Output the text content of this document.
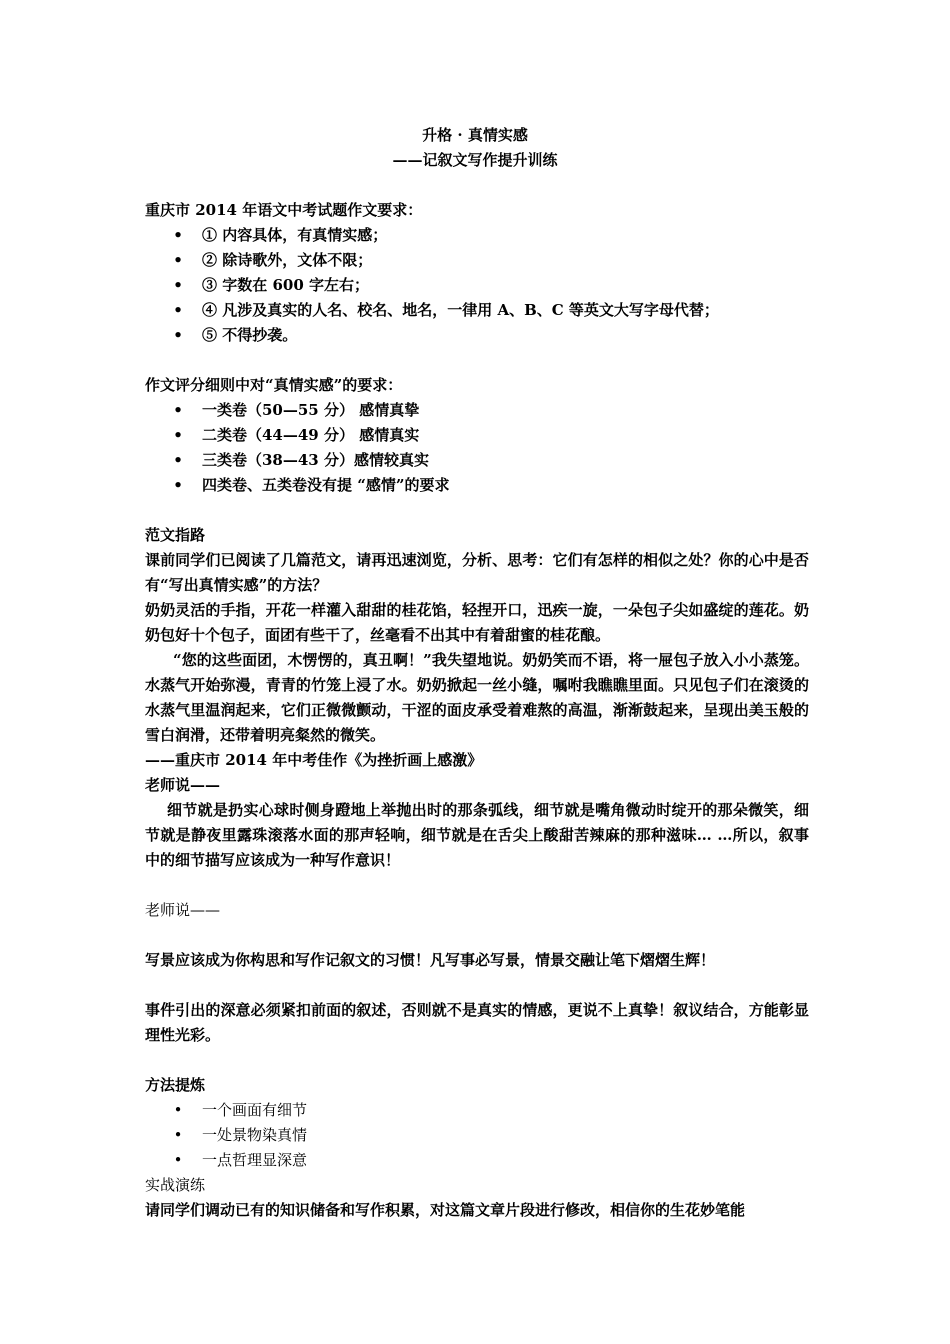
升格 · 真情实感
——记叙文写作提升训练
重庆市 2014 年语文中考试题作文要求：
• ① 内容具体，有真情实感；
• ② 除诗歌外，文体不限；
• ③ 字数在 600 字左右；
• ④ 凡涉及真实的人名、校名、地名，一律用 A、B、C 等英文大写字母代替；
• ⑤ 不得抄袭。
作文评分细则中对“真情实感”的要求：
• 一类卷（50—55 分） 感情真挚
• 二类卷（44—49 分） 感情真实
• 三类卷（38—43 分）感情较真实
• 四类卷、五类卷没有提 “感情”的要求
范文指路

课前同学们已阅读了几篇范文，请再迅速浏览，分析、思考：它们有怎样的相似之处？你的心中是否有“写出真情实感”的方法？

奶奶灵活的手指，开花一样灌入甜甜的桂花馅，轻捏开口，迅疾一旋，一朵包子尖如盛绽的莲花。奶奶包好十个包子，面团有些干了，丝毫看不出其中有着甜蜜的桂花酿。

“您的这些面团，木愣愣的，真丑啊！”我失望地说。奶奶笑而不语，将一屉包子放入小小蒸笼。水蒸气开始弥漫，青青的竹笼上浸了水。奶奶掀起一丝小缝，嘱咐我瞧瞧里面。只见包子们在滚烫的水蒸气里温润起来，它们正微微颤动，干涩的面皮承受着难熬的高温，渐渐鼓起来，呈现出美玉般的雪白润滑，还带着明亮粲然的微笑。

——重庆市 2014 年中考佳作《为挫折画上感激》
老师说——

细节就是扔实心球时侧身蹬地上举抛出时的那条弧线，细节就是嘴角微动时绽开的那朵微笑，细节就是静夜里露珠滚落水面的那声轻响，细节就是在舌尖上酸甜苦辣麻的那种滋味… …所以，叙事中的细节描写应该成为一种写作意识！

老师说——

写景应该成为你构思和写作记叙文的习惯！凡写事必写景，情景交融让笔下熠熠生辉！

事件引出的深意必须紧扣前面的叙述，否则就不是真实的情感，更说不上真挚！叙议结合，方能彰显理性光彩。

方法提炼
• 一个画面有细节
• 一处景物染真情
• 一点哲理显深意
实战演练
请同学们调动已有的知识储备和写作积累，对这篇文章片段进行修改，相信你的生花妙笔能
